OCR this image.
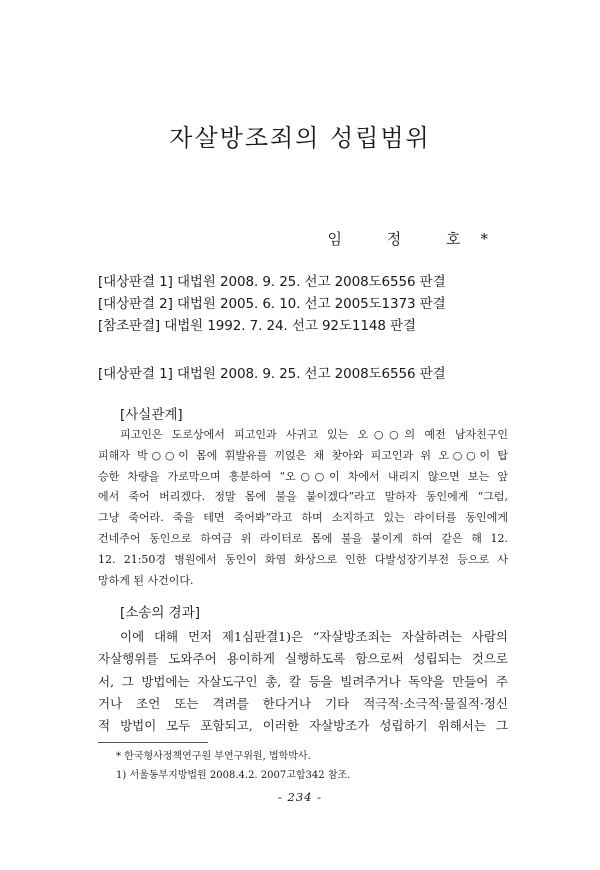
자살방조죄의 성립범위
임 정 호*
[대상판결 1] 대법원 2008. 9. 25. 선고 2008도6556 판결
[대상판결 2] 대법원 2005. 6. 10. 선고 2005도1373 판결
[참조판결] 대법원 1992. 7. 24. 선고 92도1148 판결
[대상판결 1] 대법원 2008. 9. 25. 선고 2008도6556 판결
[사실관계]
피고인은 도로상에서 피고인과 사귀고 있는 오○○의 예전 남자친구인
피해자 박○○이 몸에 휘발유를 끼얹은 채 찾아와 피고인과 위 오○○이 탑
승한 차량을 가로막으며 흥분하여 “오○○이 차에서 내리지 않으면 보는 앞
에서 죽어 버리겠다. 정말 몸에 불을 붙이겠다”라고 말하자 동인에게 “그럼,
그냥 죽어라. 죽을 테면 죽어봐”라고 하며 소지하고 있는 라이터를 동인에게
건네주어 동인으로 하여금 위 라이터로 몸에 불을 붙이게 하여 같은 해 12.
12. 21:50경 병원에서 동인이 화염 화상으로 인한 다발성장기부전 등으로 사
망하게 된 사건이다.
[소송의 경과]
이에 대해 먼저 제1심판결1)은 “자살방조죄는 자살하려는 사람의
자살행위를 도와주어 용이하게 실행하도록 함으로써 성립되는 것으로
서, 그 방법에는 자살도구인 총, 칼 등을 빌려주거나 독약을 만들어 주
거나 조언 또는 격려를 한다거나 기타 적극적·소극적·물질적·정신
적 방법이 모두 포함되고, 이러한 자살방조가 성립하기 위해서는 그
* 한국형사정책연구원 부연구위원, 법학박사.
1) 서울동부지방법원 2008.4.2. 2007고합342 참조.
- 234 -
